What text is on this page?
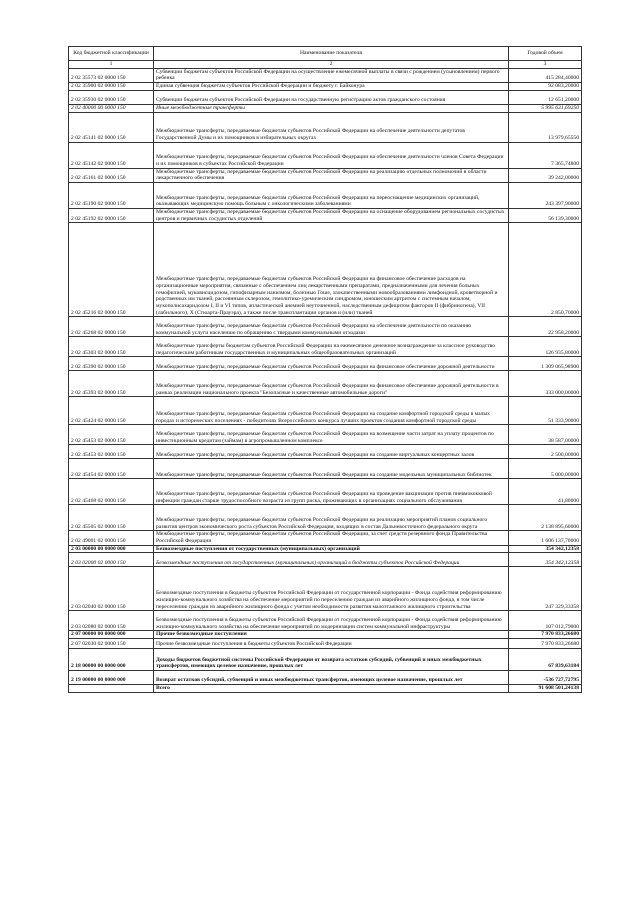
Код бюджетной классификации	Наименование показателя	Годовой объем
1	2	3
2 02 35573 02 0000 150	Субвенции бюджетам субъектов Российской Федерации на осуществление ежемесячной выплаты в связи с рождением (усыновлением) первого ребенка	415 284,40000
2 02 35900 02 0000 150	Единая субвенция бюджетам субъектов Российской Федерации и бюджету г. Байконура	92 083,20000
2 02 35930 02 0000 150	Субвенции бюджетам субъектов Российской Федерации на государственную регистрацию актов гражданского состояния	12 651,20000
2 02 40000 00 0000 150	Иные межбюджетные трансферты	5 995 631,69250
2 02 45141 02 0000 150	Межбюджетные трансферты, передаваемые бюджетам субъектов Российской Федерации на обеспечение деятельности депутатов Государственной Думы и их помощников в избирательных округах	13 979,65550
2 02 45142 02 0000 150	Межбюджетные трансферты, передаваемые бюджетам субъектов Российской Федерации на обеспечение деятельности членов Совета Федерации и их помощников в субъектах Российской Федерации	7 365,74800
2 02 45161 02 0000 150	Межбюджетные трансферты, передаваемые бюджетам субъектов Российской Федерации на реализацию отдельных полномочий в области лекарственного обеспечения	39 242,00000
2 02 45190 02 0000 150	Межбюджетные трансферты, передаваемые бюджетам субъектов Российской Федерации на переоснащение медицинских организаций, оказывающих медицинскую помощь больным с онкологическими заболеваниями	243 397,90000
2 02 45192 02 0000 150	Межбюджетные трансферты, передаваемые бюджетам субъектов Российской Федерации на оснащение оборудованием региональных сосудистых центров и первичных сосудистых отделений	56 139,30000
2 02 45216 02 0000 150	Межбюджетные трансферты, передаваемые бюджетам субъектов Российской Федерации на финансовое обеспечение расходов на организационные мероприятия, связанные с обеспечением лиц лекарственными препаратами, предназначенными для лечения больных гемофилией, муковисцидозом, гипофизарным нанизмом, болезнью Гоше, злокачественными новообразованиями лимфоидной, кроветворной и родственных им тканей, рассеянным склерозом, гемолитико-уремическим синдромом, юношеским артритом с системным началом, мукополисахаридозом I, II и VI типов, апластической анемией неуточненной, наследственным дефицитом факторов II (фибриногена), VII (лабильного), X (Стюарта-Прауэра), а также после трансплантации органов и (или) тканей	2 850,70000
2 02 45268 02 0000 150	Межбюджетные трансферты, передаваемые бюджетам субъектов Российской Федерации на обеспечение деятельности по оказанию коммунальной услуги населению по обращению с твердыми коммунальными отходами	22 958,20000
2 02 45303 02 0000 150	Межбюджетные трансферты бюджетам субъектов Российской Федерации на ежемесячное денежное вознаграждение за классное руководство педагогическим работникам государственных и муниципальных общеобразовательных организаций	126 935,80000
2 02 45390 02 0000 150	Межбюджетные трансферты, передаваемые бюджетам субъектов Российской Федерации на финансовое обеспечение дорожной деятельности	1 309 065,98900
2 02 45393 02 0000 150	Межбюджетные трансферты, передаваемые бюджетам субъектов Российской Федерации на финансовое обеспечение дорожной деятельности в рамках реализации национального проекта "Безопасные и качественные автомобильные дороги"	333 000,00000
2 02 45424 02 0000 150	Межбюджетные трансферты, передаваемые бюджетам субъектов Российской Федерации на создание комфортной городской среды в малых городах и исторических поселениях - победителях Всероссийского конкурса лучших проектов создания комфортной городской среды	51 333,90000
2 02 45453 02 0000 150	Межбюджетные трансферты, передаваемые бюджетам субъектов Российской Федерации на возмещение части затрат на уплату процентов по инвестиционным кредитам (займам) в агропромышленном комплексе	38 587,00000
2 02 45453 02 0000 150	Межбюджетные трансферты, передаваемые бюджетам субъектов Российской Федерации на создание виртуальных концертных залов	2 500,00000
2 02 45454 02 0000 150	Межбюджетные трансферты, передаваемые бюджетам субъектов Российской Федерации на создание модельных муниципальных библиотек	5 000,00000
2 02 45468 02 0000 150	Межбюджетные трансферты, передаваемые бюджетам субъектов Российской Федерации на проведение вакцинации против пневмококковой инфекции граждан старше трудоспособного возраста из групп риска, проживающих в организациях социального обслуживания	41,80000
2 02 45505 02 0000 150	Межбюджетные трансферты, передаваемые бюджетам субъектов Российской Федерации на реализацию мероприятий планов социального развития центров экономического роста субъектов Российской Федерации, входящих в состав Дальневосточного федерального округа	2 138 895,60000
2 02 49001 02 0000 150	Межбюджетные трансферты, передаваемые бюджетам субъектов Российской Федерации, за счет средств резервного фонда Правительства Российской Федерации	1 606 137,70000
2 03 00000 00 0000 000	Безвозмездные поступления от государственных (муниципальных) организаций	354 342,12358
2 03 02000 02 0000 150	Безвозмездные поступления от государственных (муниципальных) организаций в бюджеты субъектов Российской Федерации	354 342,12358
2 03 02040 02 0000 150	Безвозмездные поступления в бюджеты субъектов Российской Федерации от государственной корпорации - Фонда содействия реформированию жилищно-коммунального хозяйства на обеспечение мероприятий по переселению граждан из аварийного жилищного фонда, в том числе переселению граждан из аварийного жилищного фонда с учетом необходимости развития малоэтажного жилищного строительства	247 329,33358
2 03 02080 02 0000 150	Безвозмездные поступления в бюджеты субъектов Российской Федерации от государственной корпорации - Фонда содействия реформированию жилищно-коммунального хозяйства на обеспечение мероприятий по модернизации систем коммунальной инфраструктуры	107 012,79000
2 07 00000 00 0000 000	Прочие безвозмездные поступления	7 970 833,26680
2 07 02030 02 0000 150	Прочие безвозмездные поступления в бюджеты субъектов Российской Федерации	7 970 833,26680
2 18 00000 00 0000 000	Доходы бюджетов бюджетной системы Российской Федерации от возврата остатков субсидий, субвенций и иных межбюджетных трансфертов, имеющих целевое назначение, прошлых лет	67 839,63184
2 19 00000 00 0000 000	Возврат остатков субсидий, субвенций и иных межбюджетных трансфертов, имеющих целевое назначение, прошлых лет	-536 727,72795
	Всего	91 608 501,24138
